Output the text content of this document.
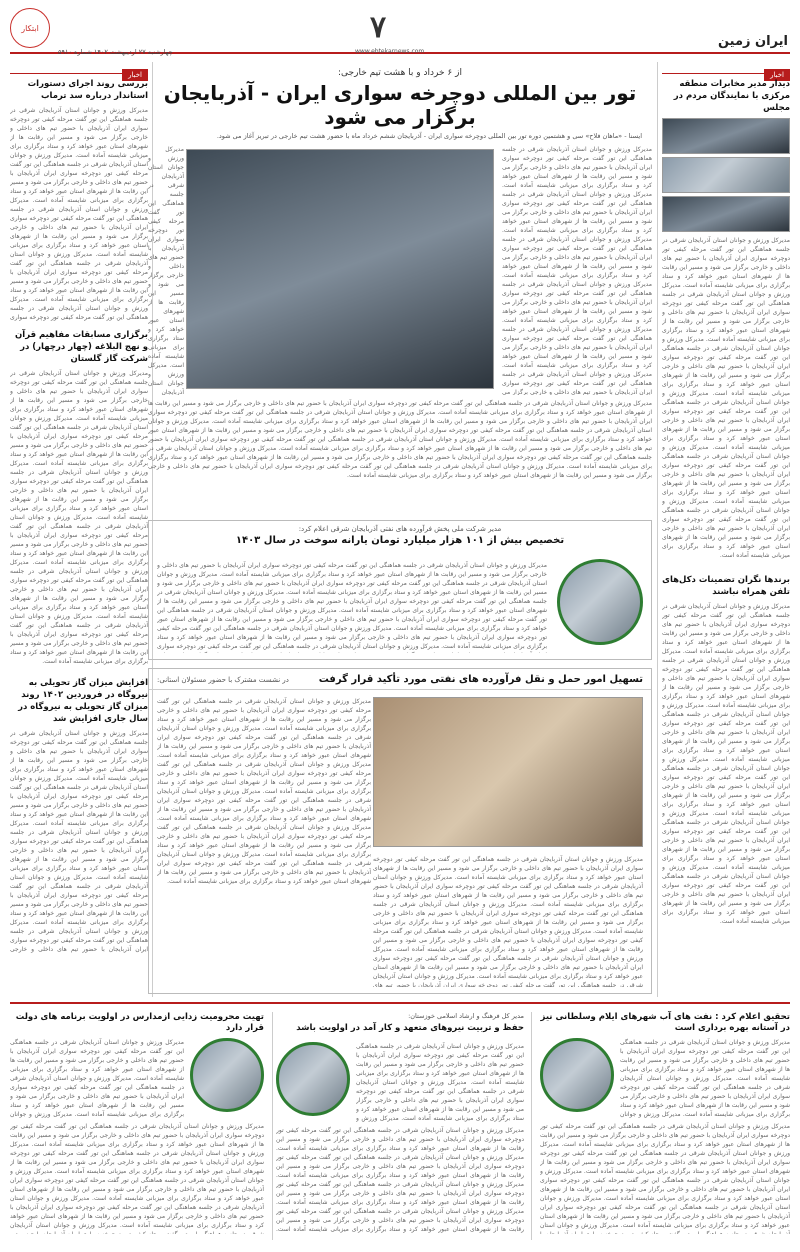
ایران زمین
۷
www.ebtekarnews.com
چهارشنبه ۲۷ اردیبهشت ۱۴۰۲ شماره ۵۹۱۰
ابتکار
اخبار
دیدار مدیر مخابرات منطقه مرکزی با نمایندگان مردم در مجلس
مدیرکل ورزش و جوانان استان آذربایجان شرقی در جلسه هماهنگی این تور گفت مرحله کیفی تور دوچرخه سواری ایران آذربایجان با حضور تیم های داخلی و خارجی برگزار می شود و مسیر این رقابت ها از شهرهای استان عبور خواهد کرد و ستاد برگزاری برای میزبانی شایسته آماده است. مدیرکل ورزش و جوانان استان آذربایجان شرقی در جلسه هماهنگی این تور گفت مرحله کیفی تور دوچرخه سواری ایران آذربایجان با حضور تیم های داخلی و خارجی برگزار می شود و مسیر این رقابت ها از شهرهای استان عبور خواهد کرد و ستاد برگزاری برای میزبانی شایسته آماده است. مدیرکل ورزش و جوانان استان آذربایجان شرقی در جلسه هماهنگی این تور گفت مرحله کیفی تور دوچرخه سواری ایران آذربایجان با حضور تیم های داخلی و خارجی برگزار می شود و مسیر این رقابت ها از شهرهای استان عبور خواهد کرد و ستاد برگزاری برای میزبانی شایسته آماده است. مدیرکل ورزش و جوانان استان آذربایجان شرقی در جلسه هماهنگی این تور گفت مرحله کیفی تور دوچرخه سواری ایران آذربایجان با حضور تیم های داخلی و خارجی برگزار می شود و مسیر این رقابت ها از شهرهای استان عبور خواهد کرد و ستاد برگزاری برای میزبانی شایسته آماده است. مدیرکل ورزش و جوانان استان آذربایجان شرقی در جلسه هماهنگی این تور گفت مرحله کیفی تور دوچرخه سواری ایران آذربایجان با حضور تیم های داخلی و خارجی برگزار می شود و مسیر این رقابت ها از شهرهای استان عبور خواهد کرد و ستاد برگزاری برای میزبانی شایسته آماده است. مدیرکل ورزش و جوانان استان آذربایجان شرقی در جلسه هماهنگی این تور گفت مرحله کیفی تور دوچرخه سواری ایران آذربایجان با حضور تیم های داخلی و خارجی برگزار می شود و مسیر این رقابت ها از شهرهای استان عبور خواهد کرد و ستاد برگزاری برای میزبانی شایسته آماده است.
برندها نگران تضمینات دکل‌های تلفن همراه نباشند
مدیرکل ورزش و جوانان استان آذربایجان شرقی در جلسه هماهنگی این تور گفت مرحله کیفی تور دوچرخه سواری ایران آذربایجان با حضور تیم های داخلی و خارجی برگزار می شود و مسیر این رقابت ها از شهرهای استان عبور خواهد کرد و ستاد برگزاری برای میزبانی شایسته آماده است. مدیرکل ورزش و جوانان استان آذربایجان شرقی در جلسه هماهنگی این تور گفت مرحله کیفی تور دوچرخه سواری ایران آذربایجان با حضور تیم های داخلی و خارجی برگزار می شود و مسیر این رقابت ها از شهرهای استان عبور خواهد کرد و ستاد برگزاری برای میزبانی شایسته آماده است. مدیرکل ورزش و جوانان استان آذربایجان شرقی در جلسه هماهنگی این تور گفت مرحله کیفی تور دوچرخه سواری ایران آذربایجان با حضور تیم های داخلی و خارجی برگزار می شود و مسیر این رقابت ها از شهرهای استان عبور خواهد کرد و ستاد برگزاری برای میزبانی شایسته آماده است. مدیرکل ورزش و جوانان استان آذربایجان شرقی در جلسه هماهنگی این تور گفت مرحله کیفی تور دوچرخه سواری ایران آذربایجان با حضور تیم های داخلی و خارجی برگزار می شود و مسیر این رقابت ها از شهرهای استان عبور خواهد کرد و ستاد برگزاری برای میزبانی شایسته آماده است. مدیرکل ورزش و جوانان استان آذربایجان شرقی در جلسه هماهنگی این تور گفت مرحله کیفی تور دوچرخه سواری ایران آذربایجان با حضور تیم های داخلی و خارجی برگزار می شود و مسیر این رقابت ها از شهرهای استان عبور خواهد کرد و ستاد برگزاری برای میزبانی شایسته آماده است. مدیرکل ورزش و جوانان استان آذربایجان شرقی در جلسه هماهنگی این تور گفت مرحله کیفی تور دوچرخه سواری ایران آذربایجان با حضور تیم های داخلی و خارجی برگزار می شود و مسیر این رقابت ها از شهرهای استان عبور خواهد کرد و ستاد برگزاری برای میزبانی شایسته آماده است.
از ۶ خرداد و با هشت تیم خارجی:
تور بین المللی دوچرخه سواری ایران - آذربایجان برگزار می شود
ایسنا - «ماهان فلاح» سی و هشتمین دوره تور بین المللی دوچرخه سواری ایران - آذربایجان ششم خرداد ماه با حضور هشت تیم خارجی در تبریز آغاز می شود.
مدیرکل ورزش و جوانان استان آذربایجان شرقی در جلسه هماهنگی این تور گفت مرحله کیفی تور دوچرخه سواری ایران آذربایجان با حضور تیم های داخلی و خارجی برگزار می شود و مسیر این رقابت ها از شهرهای استان عبور خواهد کرد و ستاد برگزاری برای میزبانی شایسته آماده است. مدیرکل ورزش و جوانان استان آذربایجان شرقی در جلسه هماهنگی این تور گفت مرحله کیفی تور دوچرخه سواری ایران آذربایجان با حضور تیم های داخلی و خارجی برگزار می شود و مسیر این رقابت ها از شهرهای استان عبور خواهد کرد و ستاد برگزاری برای میزبانی شایسته آماده است. مدیرکل ورزش و جوانان استان آذربایجان شرقی در جلسه هماهنگی این تور گفت مرحله کیفی تور دوچرخه سواری ایران آذربایجان با حضور تیم های داخلی و خارجی برگزار می شود و مسیر این رقابت ها از شهرهای استان عبور خواهد کرد و ستاد برگزاری برای میزبانی شایسته آماده است. مدیرکل ورزش و جوانان استان آذربایجان شرقی در جلسه هماهنگی این تور گفت مرحله کیفی تور دوچرخه سواری ایران آذربایجان با حضور تیم های داخلی و خارجی برگزار می شود و مسیر این رقابت ها از شهرهای استان عبور خواهد کرد و ستاد برگزاری برای میزبانی شایسته آماده است. مدیرکل ورزش و جوانان استان آذربایجان شرقی در جلسه هماهنگی این تور گفت مرحله کیفی تور دوچرخه سواری ایران آذربایجان با حضور تیم های داخلی و خارجی برگزار می شود و مسیر این رقابت ها از شهرهای استان عبور خواهد کرد و ستاد برگزاری برای میزبانی شایسته آماده است. مدیرکل ورزش و جوانان استان آذربایجان شرقی در جلسه هماهنگی این تور گفت مرحله کیفی تور دوچرخه سواری ایران آذربایجان با حضور تیم های داخلی و خارجی برگزار می شود و مسیر این رقابت ها از شهرهای استان عبور خواهد کرد و ستاد برگزاری برای میزبانی شایسته آماده است.
مدیرکل ورزش و جوانان استان آذربایجان شرقی در جلسه هماهنگی این تور گفت مرحله کیفی تور دوچرخه سواری ایران آذربایجان با حضور تیم های داخلی و خارجی برگزار می شود و مسیر این رقابت ها از شهرهای استان عبور خواهد کرد و ستاد برگزاری برای میزبانی شایسته آماده است. مدیرکل ورزش و جوانان استان آذربایجان شرقی در جلسه هماهنگی این تور گفت مرحله کیفی تور دوچرخه سواری ایران آذربایجان با حضور تیم های داخلی و خارجی برگزار می شود و مسیر این رقابت ها از شهرهای استان عبور خواهد کرد و ستاد برگزاری برای میزبانی شایسته آماده است. مدیرکل ورزش و جوانان استان آذربایجان شرقی در جلسه هماهنگی این تور گفت مرحله کیفی تور دوچرخه سواری ایران آذربایجان با حضور تیم های داخلی و خارجی برگزار می شود و مسیر این رقابت ها از شهرهای استان عبور خواهد کرد و ستاد برگزاری برای میزبانی شایسته آماده است. مدیرکل ورزش و جوانان استان آذربایجان شرقی در جلسه هماهنگی این تور گفت مرحله کیفی تور دوچرخه سواری ایران آذربایجان با حضور تیم های داخلی و خارجی برگزار می شود و مسیر این رقابت ها از شهرهای استان عبور خواهد کرد و ستاد برگزاری برای میزبانی شایسته آماده است. مدیرکل ورزش و جوانان استان آذربایجان شرقی در جلسه هماهنگی این تور گفت مرحله کیفی تور دوچرخه سواری ایران آذربایجان با حضور تیم های داخلی و خارجی برگزار می شود و مسیر این رقابت ها از شهرهای استان عبور خواهد کرد و ستاد برگزاری برای میزبانی شایسته آماده است. مدیرکل ورزش و جوانان استان آذربایجان شرقی در جلسه هماهنگی این تور گفت مرحله کیفی تور دوچرخه سواری ایران آذربایجان با حضور تیم های داخلی و خارجی برگزار می شود و مسیر این رقابت ها از شهرهای استان عبور خواهد کرد و ستاد برگزاری برای میزبانی شایسته آماده است.
مدیرکل ورزش و جوانان استان آذربایجان شرقی در جلسه هماهنگی این تور گفت مرحله کیفی تور دوچرخه سواری ایران آذربایجان با حضور تیم های داخلی و خارجی برگزار می شود و مسیر این رقابت ها از شهرهای استان عبور خواهد کرد و ستاد برگزاری برای میزبانی شایسته آماده است. مدیرکل ورزش و جوانان استان آذربایجان شرقی در جلسه هماهنگی این تور گفت مرحله کیفی تور دوچرخه سواری ایران آذربایجان با حضور تیم های داخلی و خارجی برگزار می شود و مسیر این رقابت ها از شهرهای استان عبور خواهد کرد و ستاد برگزاری برای میزبانی شایسته آماده است. مدیرکل ورزش و جوانان استان آذربایجان شرقی در جلسه هماهنگی این تور گفت مرحله کیفی تور دوچرخه سواری ایران آذربایجان با حضور تیم های داخلی و خارجی برگزار می شود و مسیر این رقابت ها از شهرهای استان عبور خواهد کرد و ستاد برگزاری برای میزبانی شایسته آماده است. مدیرکل ورزش و جوانان استان آذربایجان شرقی در جلسه هماهنگی این تور گفت مرحله کیفی تور دوچرخه سواری ایران آذربایجان با حضور تیم های داخلی و خارجی برگزار می شود و مسیر این رقابت ها از شهرهای استان عبور خواهد کرد و ستاد برگزاری برای میزبانی شایسته آماده است. مدیرکل ورزش و جوانان استان آذربایجان شرقی در جلسه هماهنگی این تور گفت مرحله کیفی تور دوچرخه سواری ایران آذربایجان با حضور تیم های داخلی و خارجی برگزار می شود و مسیر این رقابت ها از شهرهای استان عبور خواهد کرد و ستاد برگزاری برای میزبانی شایسته آماده است. مدیرکل ورزش و جوانان استان آذربایجان شرقی در جلسه هماهنگی این تور گفت مرحله کیفی تور دوچرخه سواری ایران آذربایجان با حضور تیم های داخلی و خارجی برگزار می شود و مسیر این رقابت ها از شهرهای استان عبور خواهد کرد و ستاد برگزاری برای میزبانی شایسته آماده است.
مدیر شرکت ملی پخش فرآورده های نفتی آذربایجان شرقی اعلام کرد:
تخصیص بیش از ۱۰۱ هزار میلیارد تومان یارانه سوخت در سال ۱۴۰۳
مدیرکل ورزش و جوانان استان آذربایجان شرقی در جلسه هماهنگی این تور گفت مرحله کیفی تور دوچرخه سواری ایران آذربایجان با حضور تیم های داخلی و خارجی برگزار می شود و مسیر این رقابت ها از شهرهای استان عبور خواهد کرد و ستاد برگزاری برای میزبانی شایسته آماده است. مدیرکل ورزش و جوانان استان آذربایجان شرقی در جلسه هماهنگی این تور گفت مرحله کیفی تور دوچرخه سواری ایران آذربایجان با حضور تیم های داخلی و خارجی برگزار می شود و مسیر این رقابت ها از شهرهای استان عبور خواهد کرد و ستاد برگزاری برای میزبانی شایسته آماده است. مدیرکل ورزش و جوانان استان آذربایجان شرقی در جلسه هماهنگی این تور گفت مرحله کیفی تور دوچرخه سواری ایران آذربایجان با حضور تیم های داخلی و خارجی برگزار می شود و مسیر این رقابت ها از شهرهای استان عبور خواهد کرد و ستاد برگزاری برای میزبانی شایسته آماده است. مدیرکل ورزش و جوانان استان آذربایجان شرقی در جلسه هماهنگی این تور گفت مرحله کیفی تور دوچرخه سواری ایران آذربایجان با حضور تیم های داخلی و خارجی برگزار می شود و مسیر این رقابت ها از شهرهای استان عبور خواهد کرد و ستاد برگزاری برای میزبانی شایسته آماده است. مدیرکل ورزش و جوانان استان آذربایجان شرقی در جلسه هماهنگی این تور گفت مرحله کیفی تور دوچرخه سواری ایران آذربایجان با حضور تیم های داخلی و خارجی برگزار می شود و مسیر این رقابت ها از شهرهای استان عبور خواهد کرد و ستاد برگزاری برای میزبانی شایسته آماده است. مدیرکل ورزش و جوانان استان آذربایجان شرقی در جلسه هماهنگی این تور گفت مرحله کیفی تور دوچرخه سواری ایران آذربایجان با حضور تیم های داخلی و خارجی برگزار می شود و مسیر این رقابت ها از شهرهای استان عبور خواهد کرد و ستاد برگزاری برای میزبانی شایسته آماده است.
تسهیل امور حمل و نقل فرآورده های نفتی مورد تأکید قرار گرفت
در نشست مشترک با حضور مسئولان استانی:
مدیرکل ورزش و جوانان استان آذربایجان شرقی در جلسه هماهنگی این تور گفت مرحله کیفی تور دوچرخه سواری ایران آذربایجان با حضور تیم های داخلی و خارجی برگزار می شود و مسیر این رقابت ها از شهرهای استان عبور خواهد کرد و ستاد برگزاری برای میزبانی شایسته آماده است. مدیرکل ورزش و جوانان استان آذربایجان شرقی در جلسه هماهنگی این تور گفت مرحله کیفی تور دوچرخه سواری ایران آذربایجان با حضور تیم های داخلی و خارجی برگزار می شود و مسیر این رقابت ها از شهرهای استان عبور خواهد کرد و ستاد برگزاری برای میزبانی شایسته آماده است. مدیرکل ورزش و جوانان استان آذربایجان شرقی در جلسه هماهنگی این تور گفت مرحله کیفی تور دوچرخه سواری ایران آذربایجان با حضور تیم های داخلی و خارجی برگزار می شود و مسیر این رقابت ها از شهرهای استان عبور خواهد کرد و ستاد برگزاری برای میزبانی شایسته آماده است. مدیرکل ورزش و جوانان استان آذربایجان شرقی در جلسه هماهنگی این تور گفت مرحله کیفی تور دوچرخه سواری ایران آذربایجان با حضور تیم های داخلی و خارجی برگزار می شود و مسیر این رقابت ها از شهرهای استان عبور خواهد کرد و ستاد برگزاری برای میزبانی شایسته آماده است. مدیرکل ورزش و جوانان استان آذربایجان شرقی در جلسه هماهنگی این تور گفت مرحله کیفی تور دوچرخه سواری ایران آذربایجان با حضور تیم های داخلی و خارجی برگزار می شود و مسیر این رقابت ها از شهرهای استان عبور خواهد کرد و ستاد برگزاری برای میزبانی شایسته آماده است. مدیرکل ورزش و جوانان استان آذربایجان شرقی در جلسه هماهنگی این تور گفت مرحله کیفی تور دوچرخه سواری ایران آذربایجان با حضور تیم های داخلی و خارجی برگزار می شود و مسیر این رقابت ها از شهرهای استان عبور خواهد کرد و ستاد برگزاری برای میزبانی شایسته آماده است.
مدیرکل ورزش و جوانان استان آذربایجان شرقی در جلسه هماهنگی این تور گفت مرحله کیفی تور دوچرخه سواری ایران آذربایجان با حضور تیم های داخلی و خارجی برگزار می شود و مسیر این رقابت ها از شهرهای استان عبور خواهد کرد و ستاد برگزاری برای میزبانی شایسته آماده است. مدیرکل ورزش و جوانان استان آذربایجان شرقی در جلسه هماهنگی این تور گفت مرحله کیفی تور دوچرخه سواری ایران آذربایجان با حضور تیم های داخلی و خارجی برگزار می شود و مسیر این رقابت ها از شهرهای استان عبور خواهد کرد و ستاد برگزاری برای میزبانی شایسته آماده است. مدیرکل ورزش و جوانان استان آذربایجان شرقی در جلسه هماهنگی این تور گفت مرحله کیفی تور دوچرخه سواری ایران آذربایجان با حضور تیم های داخلی و خارجی برگزار می شود و مسیر این رقابت ها از شهرهای استان عبور خواهد کرد و ستاد برگزاری برای میزبانی شایسته آماده است. مدیرکل ورزش و جوانان استان آذربایجان شرقی در جلسه هماهنگی این تور گفت مرحله کیفی تور دوچرخه سواری ایران آذربایجان با حضور تیم های داخلی و خارجی برگزار می شود و مسیر این رقابت ها از شهرهای استان عبور خواهد کرد و ستاد برگزاری برای میزبانی شایسته آماده است. مدیرکل ورزش و جوانان استان آذربایجان شرقی در جلسه هماهنگی این تور گفت مرحله کیفی تور دوچرخه سواری ایران آذربایجان با حضور تیم های داخلی و خارجی برگزار می شود و مسیر این رقابت ها از شهرهای استان عبور خواهد کرد و ستاد برگزاری برای میزبانی شایسته آماده است. مدیرکل ورزش و جوانان استان آذربایجان شرقی در جلسه هماهنگی این تور گفت مرحله کیفی تور دوچرخه سواری ایران آذربایجان با حضور تیم های داخلی و خارجی برگزار می شود و مسیر این رقابت ها از شهرهای استان عبور خواهد کرد و ستاد برگزاری برای میزبانی شایسته آماده است.
اخبار
بررسی روند اجرای دستورات استاندار درباره سد ترماب
مدیرکل ورزش و جوانان استان آذربایجان شرقی در جلسه هماهنگی این تور گفت مرحله کیفی تور دوچرخه سواری ایران آذربایجان با حضور تیم های داخلی و خارجی برگزار می شود و مسیر این رقابت ها از شهرهای استان عبور خواهد کرد و ستاد برگزاری برای میزبانی شایسته آماده است. مدیرکل ورزش و جوانان استان آذربایجان شرقی در جلسه هماهنگی این تور گفت مرحله کیفی تور دوچرخه سواری ایران آذربایجان با حضور تیم های داخلی و خارجی برگزار می شود و مسیر این رقابت ها از شهرهای استان عبور خواهد کرد و ستاد برگزاری برای میزبانی شایسته آماده است. مدیرکل ورزش و جوانان استان آذربایجان شرقی در جلسه هماهنگی این تور گفت مرحله کیفی تور دوچرخه سواری ایران آذربایجان با حضور تیم های داخلی و خارجی برگزار می شود و مسیر این رقابت ها از شهرهای استان عبور خواهد کرد و ستاد برگزاری برای میزبانی شایسته آماده است. مدیرکل ورزش و جوانان استان آذربایجان شرقی در جلسه هماهنگی این تور گفت مرحله کیفی تور دوچرخه سواری ایران آذربایجان با حضور تیم های داخلی و خارجی برگزار می شود و مسیر این رقابت ها از شهرهای استان عبور خواهد کرد و ستاد برگزاری برای میزبانی شایسته آماده است. مدیرکل ورزش و جوانان استان آذربایجان شرقی در جلسه هماهنگی این تور گفت مرحله کیفی تور دوچرخه سواری ایران آذربایجان با حضور تیم های داخلی و خارجی برگزار می شود و مسیر این رقابت ها از شهرهای استان عبور خواهد کرد و ستاد برگزاری برای میزبانی شایسته آماده است. مدیرکل ورزش و جوانان استان آذربایجان شرقی در جلسه هماهنگی این تور گفت مرحله کیفی تور دوچرخه سواری ایران آذربایجان با حضور تیم های داخلی و خارجی برگزار می شود و مسیر این رقابت ها از شهرهای استان عبور خواهد کرد و ستاد برگزاری برای میزبانی شایسته آماده است.
برگزاری مسابقات مفاهیم قرآن و نهج البلاغه (چهار درچهار) در شرکت گاز گلستان
مدیرکل ورزش و جوانان استان آذربایجان شرقی در جلسه هماهنگی این تور گفت مرحله کیفی تور دوچرخه سواری ایران آذربایجان با حضور تیم های داخلی و خارجی برگزار می شود و مسیر این رقابت ها از شهرهای استان عبور خواهد کرد و ستاد برگزاری برای میزبانی شایسته آماده است. مدیرکل ورزش و جوانان استان آذربایجان شرقی در جلسه هماهنگی این تور گفت مرحله کیفی تور دوچرخه سواری ایران آذربایجان با حضور تیم های داخلی و خارجی برگزار می شود و مسیر این رقابت ها از شهرهای استان عبور خواهد کرد و ستاد برگزاری برای میزبانی شایسته آماده است. مدیرکل ورزش و جوانان استان آذربایجان شرقی در جلسه هماهنگی این تور گفت مرحله کیفی تور دوچرخه سواری ایران آذربایجان با حضور تیم های داخلی و خارجی برگزار می شود و مسیر این رقابت ها از شهرهای استان عبور خواهد کرد و ستاد برگزاری برای میزبانی شایسته آماده است. مدیرکل ورزش و جوانان استان آذربایجان شرقی در جلسه هماهنگی این تور گفت مرحله کیفی تور دوچرخه سواری ایران آذربایجان با حضور تیم های داخلی و خارجی برگزار می شود و مسیر این رقابت ها از شهرهای استان عبور خواهد کرد و ستاد برگزاری برای میزبانی شایسته آماده است. مدیرکل ورزش و جوانان استان آذربایجان شرقی در جلسه هماهنگی این تور گفت مرحله کیفی تور دوچرخه سواری ایران آذربایجان با حضور تیم های داخلی و خارجی برگزار می شود و مسیر این رقابت ها از شهرهای استان عبور خواهد کرد و ستاد برگزاری برای میزبانی شایسته آماده است. مدیرکل ورزش و جوانان استان آذربایجان شرقی در جلسه هماهنگی این تور گفت مرحله کیفی تور دوچرخه سواری ایران آذربایجان با حضور تیم های داخلی و خارجی برگزار می شود و مسیر این رقابت ها از شهرهای استان عبور خواهد کرد و ستاد برگزاری برای میزبانی شایسته آماده است.
افزایش میزان گاز تحویلی به نیروگاه در فروردین ۱۴۰۲ روند میزان گاز تحویلی به نیروگاه در سال جاری افزایش شد
مدیرکل ورزش و جوانان استان آذربایجان شرقی در جلسه هماهنگی این تور گفت مرحله کیفی تور دوچرخه سواری ایران آذربایجان با حضور تیم های داخلی و خارجی برگزار می شود و مسیر این رقابت ها از شهرهای استان عبور خواهد کرد و ستاد برگزاری برای میزبانی شایسته آماده است. مدیرکل ورزش و جوانان استان آذربایجان شرقی در جلسه هماهنگی این تور گفت مرحله کیفی تور دوچرخه سواری ایران آذربایجان با حضور تیم های داخلی و خارجی برگزار می شود و مسیر این رقابت ها از شهرهای استان عبور خواهد کرد و ستاد برگزاری برای میزبانی شایسته آماده است. مدیرکل ورزش و جوانان استان آذربایجان شرقی در جلسه هماهنگی این تور گفت مرحله کیفی تور دوچرخه سواری ایران آذربایجان با حضور تیم های داخلی و خارجی برگزار می شود و مسیر این رقابت ها از شهرهای استان عبور خواهد کرد و ستاد برگزاری برای میزبانی شایسته آماده است. مدیرکل ورزش و جوانان استان آذربایجان شرقی در جلسه هماهنگی این تور گفت مرحله کیفی تور دوچرخه سواری ایران آذربایجان با حضور تیم های داخلی و خارجی برگزار می شود و مسیر این رقابت ها از شهرهای استان عبور خواهد کرد و ستاد برگزاری برای میزبانی شایسته آماده است. مدیرکل ورزش و جوانان استان آذربایجان شرقی در جلسه هماهنگی این تور گفت مرحله کیفی تور دوچرخه سواری ایران آذربایجان با حضور تیم های داخلی و خارجی برگزار می شود و مسیر این رقابت ها از شهرهای استان عبور خواهد کرد و ستاد برگزاری برای میزبانی شایسته آماده است. مدیرکل ورزش و جوانان استان آذربایجان شرقی در جلسه هماهنگی این تور گفت مرحله کیفی تور دوچرخه سواری ایران آذربایجان با حضور تیم های داخلی و خارجی برگزار می شود و مسیر این رقابت ها از شهرهای استان عبور خواهد کرد و ستاد برگزاری برای میزبانی شایسته آماده است.
تحقیق اعلام کرد : نفت های آب شهرهای ایلام وسلطانی نیز در آستانه بهره برداری است
مدیرکل ورزش و جوانان استان آذربایجان شرقی در جلسه هماهنگی این تور گفت مرحله کیفی تور دوچرخه سواری ایران آذربایجان با حضور تیم های داخلی و خارجی برگزار می شود و مسیر این رقابت ها از شهرهای استان عبور خواهد کرد و ستاد برگزاری برای میزبانی شایسته آماده است. مدیرکل ورزش و جوانان استان آذربایجان شرقی در جلسه هماهنگی این تور گفت مرحله کیفی تور دوچرخه سواری ایران آذربایجان با حضور تیم های داخلی و خارجی برگزار می شود و مسیر این رقابت ها از شهرهای استان عبور خواهد کرد و ستاد برگزاری برای میزبانی شایسته آماده است. مدیرکل ورزش و جوانان استان آذربایجان شرقی در جلسه هماهنگی این تور گفت مرحله کیفی تور دوچرخه سواری ایران آذربایجان با حضور تیم های داخلی و خارجی برگزار می شود و مسیر این رقابت ها از شهرهای استان عبور خواهد کرد و ستاد برگزاری برای میزبانی شایسته آماده است. مدیرکل ورزش و جوانان استان آذربایجان شرقی در جلسه هماهنگی این تور گفت مرحله کیفی تور دوچرخه سواری ایران آذربایجان با حضور تیم های داخلی و خارجی برگزار می شود و مسیر این رقابت ها از شهرهای استان عبور خواهد کرد و ستاد برگزاری برای میزبانی شایسته آماده است. مدیرکل ورزش و جوانان استان آذربایجان شرقی در جلسه هماهنگی این تور گفت مرحله کیفی تور دوچرخه سواری ایران آذربایجان با حضور تیم های داخلی و خارجی برگزار می شود و مسیر این رقابت ها از شهرهای استان عبور خواهد کرد و ستاد برگزاری برای میزبانی شایسته آماده است. مدیرکل ورزش و جوانان استان آذربایجان شرقی در جلسه هماهنگی این تور گفت مرحله کیفی تور دوچرخه سواری ایران آذربایجان با حضور تیم های داخلی و خارجی برگزار می شود و مسیر این رقابت ها از شهرهای استان عبور خواهد کرد و ستاد برگزاری برای میزبانی شایسته آماده است.
مدیرکل ورزش و جوانان استان آذربایجان شرقی در جلسه هماهنگی این تور گفت مرحله کیفی تور دوچرخه سواری ایران آذربایجان با حضور تیم های داخلی و خارجی برگزار می شود و مسیر این رقابت ها از شهرهای استان عبور خواهد کرد و ستاد برگزاری برای میزبانی شایسته آماده است. مدیرکل ورزش و جوانان استان آذربایجان شرقی در جلسه هماهنگی این تور گفت مرحله کیفی تور دوچرخه سواری ایران آذربایجان با حضور تیم های داخلی و خارجی برگزار می شود و مسیر این رقابت ها از شهرهای استان عبور خواهد کرد و ستاد برگزاری برای میزبانی شایسته آماده است. مدیرکل ورزش و جوانان استان آذربایجان شرقی در جلسه هماهنگی این تور گفت مرحله کیفی تور دوچرخه سواری ایران آذربایجان با حضور تیم های داخلی و خارجی برگزار می شود و مسیر این رقابت ها از شهرهای استان عبور خواهد کرد و ستاد برگزاری برای میزبانی شایسته آماده است. مدیرکل ورزش و جوانان استان آذربایجان شرقی در جلسه هماهنگی این تور گفت مرحله کیفی تور دوچرخه سواری ایران آذربایجان با حضور تیم های داخلی و خارجی برگزار می شود و مسیر این رقابت ها از شهرهای استان عبور خواهد کرد و ستاد برگزاری برای میزبانی شایسته آماده است. مدیرکل ورزش و جوانان استان آذربایجان شرقی در جلسه هماهنگی این تور گفت مرحله کیفی تور دوچرخه سواری ایران آذربایجان با حضور تیم های داخلی و خارجی برگزار می شود و مسیر این رقابت ها از شهرهای استان عبور خواهد کرد و ستاد برگزاری برای میزبانی شایسته آماده است. مدیرکل ورزش و جوانان استان آذربایجان شرقی در جلسه هماهنگی این تور گفت مرحله کیفی تور دوچرخه سواری ایران آذربایجان با حضور تیم های داخلی و خارجی برگزار می شود و مسیر این رقابت ها از شهرهای استان عبور خواهد کرد و ستاد برگزاری برای میزبانی شایسته آماده است.
مدیر کل فرهنگ و ارشاد اسلامی خوزستان:
حفظ و تربیت نیروهای متعهد و کار آمد در اولویت باشد
مدیرکل ورزش و جوانان استان آذربایجان شرقی در جلسه هماهنگی این تور گفت مرحله کیفی تور دوچرخه سواری ایران آذربایجان با حضور تیم های داخلی و خارجی برگزار می شود و مسیر این رقابت ها از شهرهای استان عبور خواهد کرد و ستاد برگزاری برای میزبانی شایسته آماده است. مدیرکل ورزش و جوانان استان آذربایجان شرقی در جلسه هماهنگی این تور گفت مرحله کیفی تور دوچرخه سواری ایران آذربایجان با حضور تیم های داخلی و خارجی برگزار می شود و مسیر این رقابت ها از شهرهای استان عبور خواهد کرد و ستاد برگزاری برای میزبانی شایسته آماده است. مدیرکل ورزش و جوانان استان آذربایجان شرقی در جلسه هماهنگی این تور گفت مرحله کیفی تور دوچرخه سواری ایران آذربایجان با حضور تیم های داخلی و خارجی برگزار می شود و مسیر این رقابت ها از شهرهای استان عبور خواهد کرد و ستاد برگزاری برای میزبانی شایسته آماده است. مدیرکل ورزش و جوانان استان آذربایجان شرقی در جلسه هماهنگی این تور گفت مرحله کیفی تور دوچرخه سواری ایران آذربایجان با حضور تیم های داخلی و خارجی برگزار می شود و مسیر این رقابت ها از شهرهای استان عبور خواهد کرد و ستاد برگزاری برای میزبانی شایسته آماده است. مدیرکل ورزش و جوانان استان آذربایجان شرقی در جلسه هماهنگی این تور گفت مرحله کیفی تور دوچرخه سواری ایران آذربایجان با حضور تیم های داخلی و خارجی برگزار می شود و مسیر این رقابت ها از شهرهای استان عبور خواهد کرد و ستاد برگزاری برای میزبانی شایسته آماده است. مدیرکل ورزش و جوانان استان آذربایجان شرقی در جلسه هماهنگی این تور گفت مرحله کیفی تور دوچرخه سواری ایران آذربایجان با حضور تیم های داخلی و خارجی برگزار می شود و مسیر این رقابت ها از شهرهای استان عبور خواهد کرد و ستاد برگزاری برای میزبانی شایسته آماده است.
مدیرکل ورزش و جوانان استان آذربایجان شرقی در جلسه هماهنگی این تور گفت مرحله کیفی تور دوچرخه سواری ایران آذربایجان با حضور تیم های داخلی و خارجی برگزار می شود و مسیر این رقابت ها از شهرهای استان عبور خواهد کرد و ستاد برگزاری برای میزبانی شایسته آماده است. مدیرکل ورزش و جوانان استان آذربایجان شرقی در جلسه هماهنگی این تور گفت مرحله کیفی تور دوچرخه سواری ایران آذربایجان با حضور تیم های داخلی و خارجی برگزار می شود و مسیر این رقابت ها از شهرهای استان عبور خواهد کرد و ستاد برگزاری برای میزبانی شایسته آماده است. مدیرکل ورزش و جوانان استان آذربایجان شرقی در جلسه هماهنگی این تور گفت مرحله کیفی تور دوچرخه سواری ایران آذربایجان با حضور تیم های داخلی و خارجی برگزار می شود و مسیر این رقابت ها از شهرهای استان عبور خواهد کرد و ستاد برگزاری برای میزبانی شایسته آماده است. مدیرکل ورزش و جوانان استان آذربایجان شرقی در جلسه هماهنگی این تور گفت مرحله کیفی تور دوچرخه سواری ایران آذربایجان با حضور تیم های داخلی و خارجی برگزار می شود و مسیر این رقابت ها از شهرهای استان عبور خواهد کرد و ستاد برگزاری برای میزبانی شایسته آماده است. مدیرکل ورزش و جوانان استان آذربایجان شرقی در جلسه هماهنگی این تور گفت مرحله کیفی تور دوچرخه سواری ایران آذربایجان با حضور تیم های داخلی و خارجی برگزار می شود و مسیر این رقابت ها از شهرهای استان عبور خواهد کرد و ستاد برگزاری برای میزبانی شایسته آماده است. مدیرکل ورزش و جوانان استان آذربایجان شرقی در جلسه هماهنگی این تور گفت مرحله کیفی تور دوچرخه سواری ایران آذربایجان با حضور تیم های داخلی و خارجی برگزار می شود و مسیر این رقابت ها از شهرهای استان عبور خواهد کرد و ستاد برگزاری برای میزبانی شایسته آماده است.
تهیت محرومیت زدایی ازمدارس در اولویت برنامه های دولت قرار دارد
مدیرکل ورزش و جوانان استان آذربایجان شرقی در جلسه هماهنگی این تور گفت مرحله کیفی تور دوچرخه سواری ایران آذربایجان با حضور تیم های داخلی و خارجی برگزار می شود و مسیر این رقابت ها از شهرهای استان عبور خواهد کرد و ستاد برگزاری برای میزبانی شایسته آماده است. مدیرکل ورزش و جوانان استان آذربایجان شرقی در جلسه هماهنگی این تور گفت مرحله کیفی تور دوچرخه سواری ایران آذربایجان با حضور تیم های داخلی و خارجی برگزار می شود و مسیر این رقابت ها از شهرهای استان عبور خواهد کرد و ستاد برگزاری برای میزبانی شایسته آماده است. مدیرکل ورزش و جوانان استان آذربایجان شرقی در جلسه هماهنگی این تور گفت مرحله کیفی تور دوچرخه سواری ایران آذربایجان با حضور تیم های داخلی و خارجی برگزار می شود و مسیر این رقابت ها از شهرهای استان عبور خواهد کرد و ستاد برگزاری برای میزبانی شایسته آماده است. مدیرکل ورزش و جوانان استان آذربایجان شرقی در جلسه هماهنگی این تور گفت مرحله کیفی تور دوچرخه سواری ایران آذربایجان با حضور تیم های داخلی و خارجی برگزار می شود و مسیر این رقابت ها از شهرهای استان عبور خواهد کرد و ستاد برگزاری برای میزبانی شایسته آماده است. مدیرکل ورزش و جوانان استان آذربایجان شرقی در جلسه هماهنگی این تور گفت مرحله کیفی تور دوچرخه سواری ایران آذربایجان با حضور تیم های داخلی و خارجی برگزار می شود و مسیر این رقابت ها از شهرهای استان عبور خواهد کرد و ستاد برگزاری برای میزبانی شایسته آماده است. مدیرکل ورزش و جوانان استان آذربایجان شرقی در جلسه هماهنگی این تور گفت مرحله کیفی تور دوچرخه سواری ایران آذربایجان با حضور تیم های داخلی و خارجی برگزار می شود و مسیر این رقابت ها از شهرهای استان عبور خواهد کرد و ستاد برگزاری برای میزبانی شایسته آماده است.
مدیرکل ورزش و جوانان استان آذربایجان شرقی در جلسه هماهنگی این تور گفت مرحله کیفی تور دوچرخه سواری ایران آذربایجان با حضور تیم های داخلی و خارجی برگزار می شود و مسیر این رقابت ها از شهرهای استان عبور خواهد کرد و ستاد برگزاری برای میزبانی شایسته آماده است. مدیرکل ورزش و جوانان استان آذربایجان شرقی در جلسه هماهنگی این تور گفت مرحله کیفی تور دوچرخه سواری ایران آذربایجان با حضور تیم های داخلی و خارجی برگزار می شود و مسیر این رقابت ها از شهرهای استان عبور خواهد کرد و ستاد برگزاری برای میزبانی شایسته آماده است. مدیرکل ورزش و جوانان استان آذربایجان شرقی در جلسه هماهنگی این تور گفت مرحله کیفی تور دوچرخه سواری ایران آذربایجان با حضور تیم های داخلی و خارجی برگزار می شود و مسیر این رقابت ها از شهرهای استان عبور خواهد کرد و ستاد برگزاری برای میزبانی شایسته آماده است. مدیرکل ورزش و جوانان استان آذربایجان شرقی در جلسه هماهنگی این تور گفت مرحله کیفی تور دوچرخه سواری ایران آذربایجان با حضور تیم های داخلی و خارجی برگزار می شود و مسیر این رقابت ها از شهرهای استان عبور خواهد کرد و ستاد برگزاری برای میزبانی شایسته آماده است. مدیرکل ورزش و جوانان استان آذربایجان شرقی در جلسه هماهنگی این تور گفت مرحله کیفی تور دوچرخه سواری ایران آذربایجان با حضور تیم های داخلی و خارجی برگزار می شود و مسیر این رقابت ها از شهرهای استان عبور خواهد کرد و ستاد برگزاری برای میزبانی شایسته آماده است. مدیرکل ورزش و جوانان استان آذربایجان شرقی در جلسه هماهنگی این تور گفت مرحله کیفی تور دوچرخه سواری ایران آذربایجان با حضور تیم های داخلی و خارجی برگزار می شود و مسیر این رقابت ها از شهرهای استان عبور خواهد کرد و ستاد برگزاری برای میزبانی شایسته آماده است.
